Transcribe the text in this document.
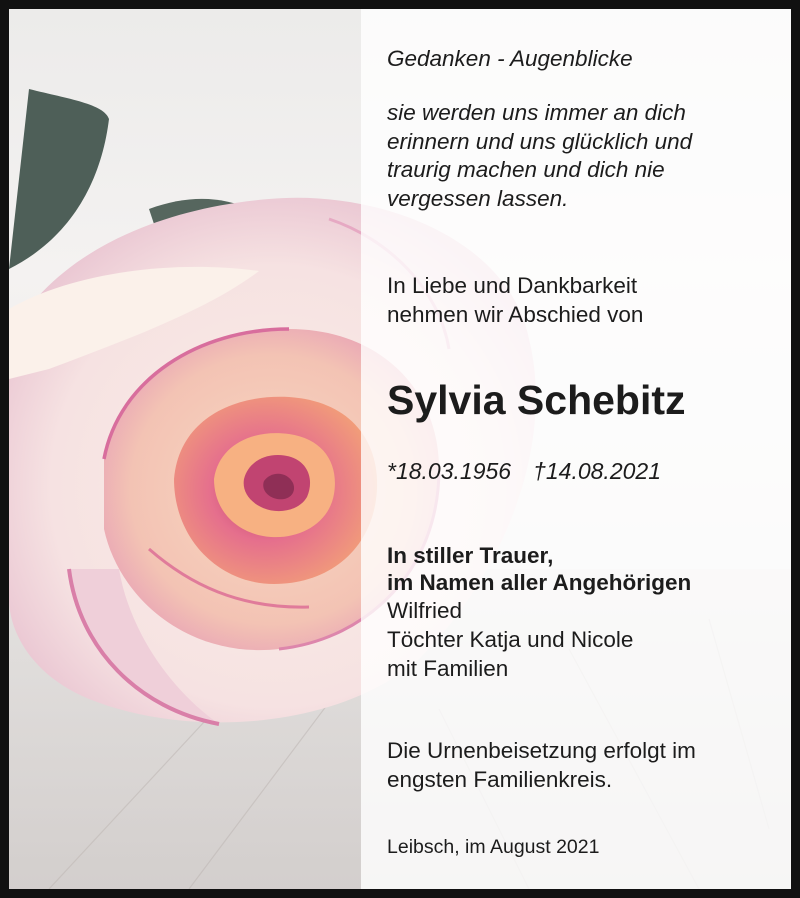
Gedanken - Augenblicke

sie werden uns immer an dich
erinnern und uns glücklich und
traurig machen und dich nie
vergessen lassen.
In Liebe und Dankbarkeit
nehmen wir Abschied von

Sylvia Schebitz

*18.03.1956 †14.08.2021

In stiller Trauer,
im Namen aller Angehörigen
Wilfried
Töchter Katja und Nicole
mit Familien
Die Urnenbeisetzung erfolgt im
engsten Familienkreis.

Leibsch, im August 2021
